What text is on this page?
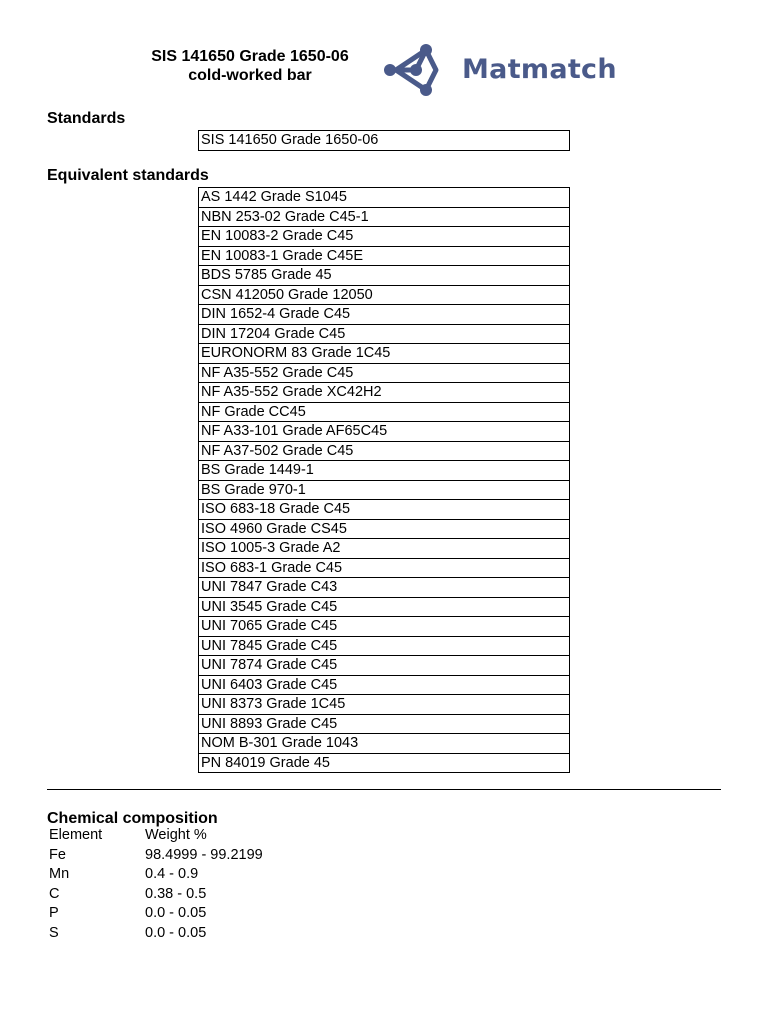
SIS 141650 Grade 1650-06
cold-worked bar	Matmatch
Standards
SIS 141650 Grade 1650-06
Equivalent standards
AS 1442 Grade S1045
NBN 253-02 Grade C45-1
EN 10083-2 Grade C45
EN 10083-1 Grade C45E
BDS 5785 Grade 45
CSN 412050 Grade 12050
DIN 1652-4 Grade C45
DIN 17204 Grade C45
EURONORM 83 Grade 1C45
NF A35-552 Grade C45
NF A35-552 Grade XC42H2
NF Grade CC45
NF A33-101 Grade AF65C45
NF A37-502 Grade C45
BS Grade 1449-1
BS Grade 970-1
ISO 683-18 Grade C45
ISO 4960 Grade CS45
ISO 1005-3 Grade A2
ISO 683-1 Grade C45
UNI 7847 Grade C43
UNI 3545 Grade C45
UNI 7065 Grade C45
UNI 7845 Grade C45
UNI 7874 Grade C45
UNI 6403 Grade C45
UNI 8373 Grade 1C45
UNI 8893 Grade C45
NOM B-301 Grade 1043
PN 84019 Grade 45
Chemical composition
Element	Weight %
Fe	98.4999 - 99.2199
Mn	0.4 - 0.9
C	0.38 - 0.5
P	0.0 - 0.05
S	0.0 - 0.05
